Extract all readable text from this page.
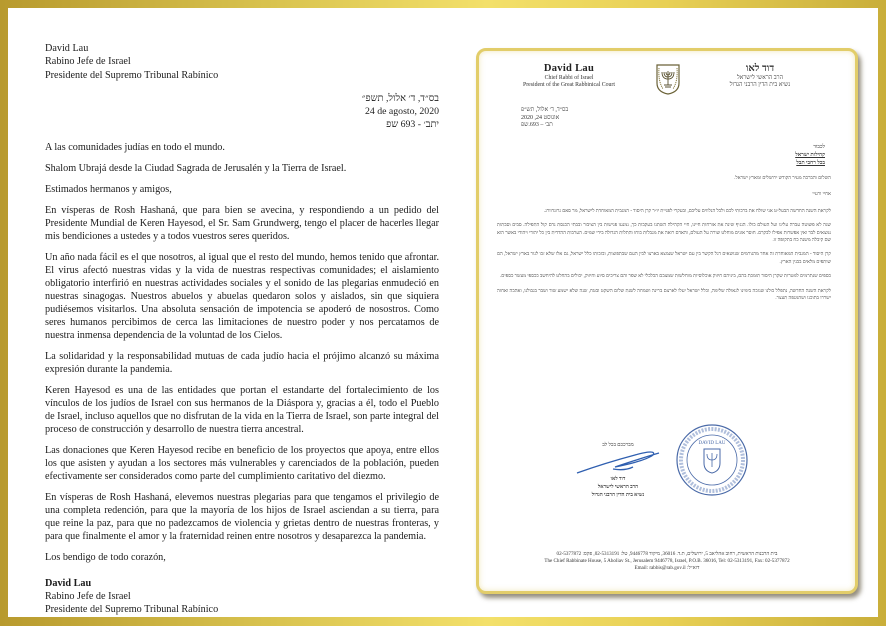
David Lau
Rabino Jefe de Israel
Presidente del Supremo Tribunal Rabínico
בס״ד, ד׳ אלול, תשפ״
24 de agosto, 2020
יתב׳ - 693 שפ
A las comunidades judías en todo el mundo.
Shalom Ubrajá desde la Ciudad Sagrada de Jerusalén y la Tierra de Israel.
Estimados hermanos y amigos,
En vísperas de Rosh Hashaná, que para bien se avecina, y respondiendo a un pedido del Presidente Mundial de Keren Hayesod, el Sr. Sam Grundwerg, tengo el placer de hacerles llegar mis bendiciones a ustedes y a todos vuestros seres queridos.
Un año nada fácil es el que nosotros, al igual que el resto del mundo, hemos tenido que afrontar. El virus afectó nuestras vidas y la vida de nuestras respectivas comunidades; el aislamiento obligatorio interfirió en nuestras actividades sociales y el sonido de las plegarias enmudeció en nuestras sinagogas. Nuestros abuelos y abuelas quedaron solos y aislados, sin que siquiera pudiésemos visitarlos. Una absoluta sensación de impotencia se apoderó de nosostros. Como seres humanos percibimos de cerca las limitaciones de nuestro poder y nos percatamos de nuestra inmensa dependencia de la voluntad de los Cielos.
La solidaridad y la responsabilidad mutuas de cada judío hacia el prójimo alcanzó su máxima expresión durante la pandemia.
Keren Hayesod es una de las entidades que portan el estandarte del fortalecimiento de los vínculos de los judíos de Israel con sus hermanos de la Diáspora y, gracias a él, todo el Pueblo de Israel, incluso aquellos que no disfrutan de la vida en la Tierra de Israel, son parte integral del proceso de construcción y desarrollo de nuestra tierra ancestral.
Las donaciones que Keren Hayesod recibe en beneficio de los proyectos que apoya, entre ellos los que asisten y ayudan a los sectores más vulnerables y carenciados de la población, pueden efectivamente ser considerados como parte del cumplimiento caritativo del diezmo.
En vísperas de Rosh Hashaná, elevemos nuestras plegarias para que tengamos el privilegio de una completa redención, para que la mayoría de los hijos de Israel asciendan a su tierra, para que reine la paz, para que no padezcamos de violencia y grietas dentro de nuestras fronteras, y para que finalmente el amor y la fraternidad reinen entre nosotros y desaparezca la pandemia.
Los bendigo de todo corazón,
David Lau
Rabino Jefe de Israel
Presidente del Supremo Tribunal Rabínico
David Lau
Chief Rabbi of Israel
President of the Great Rabbinical Court
דוד לאו
הרב הראשי לישראל
נשיא בית הדין הרבני הגדול
בס״ד, ד׳ אלול, תש״פ
2020 ,24 אוגוסט
תב׳ – 693.שפ
לכבוד
קהילות ישראל
בכל רחבי תבל

השלום והברכה מעיר הקודש ירושלים ומארץ ישראל.

אחיי ורעיי

לקראת השנה החדשה הבעל״ט אני שולח את ברכותי לכם ולכל הנלווים עליכם, ובעקרי לפניית יו״ר קרן היסוד - המגבית המאוחדת לישראל, מר סאם גרונדוורג.

שנה לא פשוטה עברה עלינו ועל העולם כולו. הנגיף שינה את אורחות חיינו, חיי הקהילה השתנו בעקבות כך, נמנעו פגישות בין הציבור ובבתי הכנסת נדם קול התפילה. סבים וסבתות נמצאים לבד ואין אפשרות אפילו לבקרם. חוסר אונים מוחלט שורה על העולם, והאדם רואה את מגבלות כוחו והתלות הגדולה בידי שמים. הערבות ההדדית בין כל יהודי ויהודי באשר הוא שם קיבלה משנה כח בתקופה זו.

קרן היסוד - המגבית המאוחדת זה אחד מהגורמים שנושאים דגל הקשר בין עם ישראל שנמצא בארצו לבין העם שבתפוצות, ובזכותו כלל ישראל, גם אלו שלא זכו לגור בארץ ישראל, הם שותפים מלאים בבנין הארץ.

כספים שנתרמים למטרות שקרן היסוד תומכת בהם, ביניהם חיזוק אוכלוסיות מוחלשות שמצבם הכלכלי לא שפר והם צריכים סיוע וחיזוק, יכולים בהחלט להיחשב ככספי מעשר כספים.

לקראת השנה החדשה, נתפלל כולנו שנזכה בימינו לגאולה שלימה, וכלל ישראל יעלו לארצם ברינה ושמחה לשנת שלום השקט ובטח, שנה שלא ישמע שוד ושבר בגבולנו, ואהבה ואחוה ישררו בתוכנו ושהמגפה תעצר.

מברככם בכל לב
דוד לאו
הרב הראשי לישראל
נשיא בית הדין הרבני הגדול
DAVID LAU
בית הרבנות הראשית, רחוב אהליאב 5, ירושלים, ת.ד. 36016, מיקוד 9446778, טל: 02-5313191, פקס: 02-5377872
The Chief Rabbinate House, 5 Aholiav St., Jerusalem 9446778, Israel, P.O.B. 36016, Tel: 02-5313191, Fax: 02-5377872
Email: rabbis@rab.gov.il :דוא״ל
